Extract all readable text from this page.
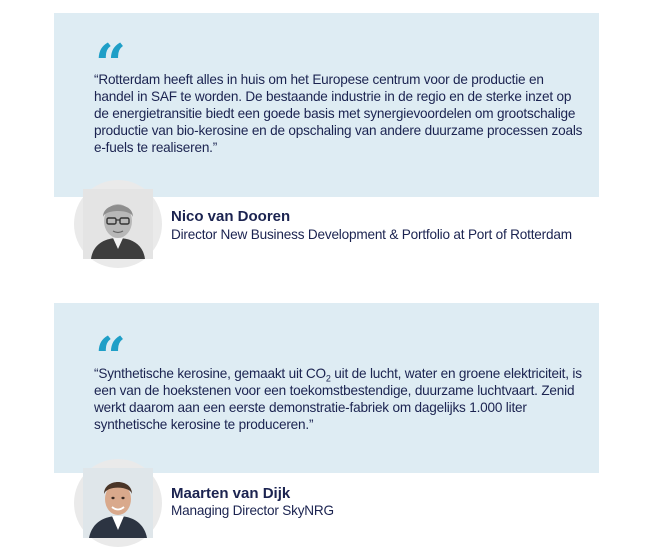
“

“Rotterdam heeft alles in huis om het Europese centrum voor de productie en handel in SAF te worden. De bestaande industrie in de regio en de sterke inzet op de energietransitie biedt een goede basis met synergievoordelen om grootschalige productie van bio-kerosine en de opschaling van andere duurzame processen zoals e-fuels te realiseren.”

Nico van Dooren
Director New Business Development & Portfolio at Port of Rotterdam
“

“Synthetische kerosine, gemaakt uit $CO_2$ uit de lucht, water en groene elektriciteit, is een van de hoekstenen voor een toekomstbestendige, duurzame luchtvaart. Zenid werkt daarom aan een eerste demonstratie-fabriek om dagelijks 1.000 liter synthetische kerosine te produceren.”

Maarten van Dijk
Managing Director SkyNRG
